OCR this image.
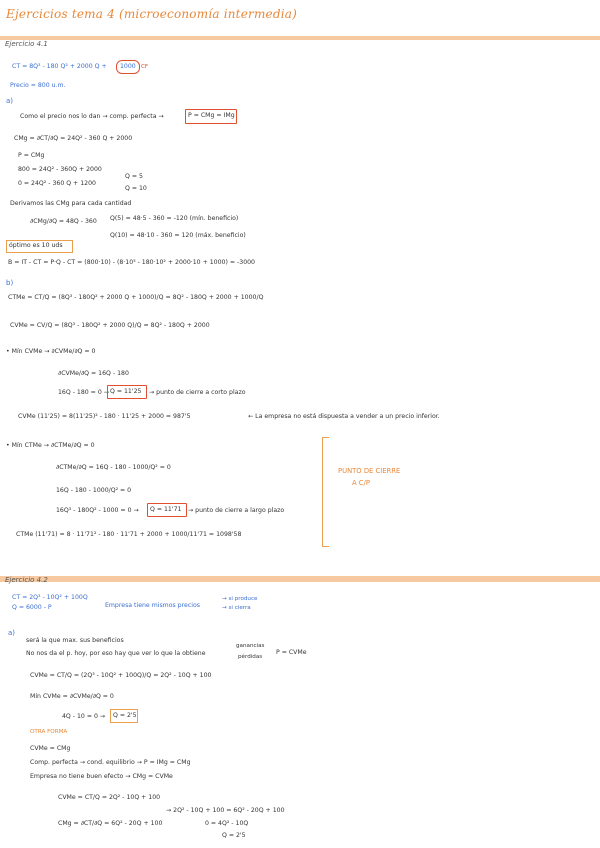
Ejercicios tema 4 (microeconomía intermedia)
Ejercicio 4.1
CT = 8Q³ - 180 Q² + 2000 Q + 1000 CF
Precio = 800 u.m.
a)
Como el precio nos lo dan → comp. perfecta →	P = CMg = IMg
CMg = ∂CT/∂Q = 24Q² - 360 Q + 2000
P = CMg
800 = 24Q² - 360Q + 2000
0 = 24Q² - 360 Q + 1200
Q = 5
Q = 10
Derivamos las CMg para cada cantidad
∂CMg/∂Q = 48Q - 360 Q(5) = 48·5 - 360 = -120 (mín. beneficio)
Q(10) = 48·10 - 360 = 120 (máx. beneficio)
óptimo es 10 uds
B = IT - CT = P·Q - CT = (800·10) - (8·10³ - 180·10² + 2000·10 + 1000) = -3000
b)
CTMe = CT/Q = (8Q³ - 180Q² + 2000 Q + 1000)/Q = 8Q² - 180Q + 2000 + 1000/Q
CVMe = CV/Q = (8Q³ - 180Q² + 2000 Q)/Q = 8Q² - 180Q + 2000
• Mín CVMe → ∂CVMe/∂Q = 0
∂CVMe/∂Q = 16Q - 180
16Q - 180 = 0 → Q = 11'25 → punto de cierre a corto plazo
CVMe (11'25) = 8(11'25)² - 180 · 11'25 + 2000 = 987'5	← La empresa no está dispuesta a vender a un precio inferior.
• Mín CTMe → ∂CTMe/∂Q = 0
∂CTMe/∂Q = 16Q - 180 - 1000/Q² = 0
16Q - 180 - 1000/Q² = 0
16Q³ - 180Q² - 1000 = 0 → Q = 11'71 → punto de cierre a largo plazo
CTMe (11'71) = 8 · 11'71² - 180 · 11'71 + 2000 + 1000/11'71 = 1098'58
PUNTO DE CIERRE
A C/P
Ejercicio 4.2
CT = 2Q³ - 10Q² + 100Q
Q = 6000 - P	Empresa tiene mismos precios
→ si produce
→ si cierra
a)
será la que max. sus beneficios
No nos da el p. hoy, por eso hay que ver lo que la obtiene
ganancias
pérdidas
P = CVMe
CVMe = CT/Q = (2Q³ - 10Q² + 100Q)/Q = 2Q² - 10Q + 100
Mín CVMe = ∂CVMe/∂Q = 0
4Q - 10 = 0 → Q = 2'5
OTRA FORMA
CVMe = CMg
Comp. perfecta → cond. equilibrio → P = IMg = CMg
Empresa no tiene buen efecto → CMg = CVMe
CVMe = CT/Q = 2Q² - 10Q + 100
CMg = ∂CT/∂Q = 6Q² - 20Q + 100
→ 2Q² - 10Q + 100 = 6Q² - 20Q + 100
0 = 4Q² - 10Q
Q = 2'5
